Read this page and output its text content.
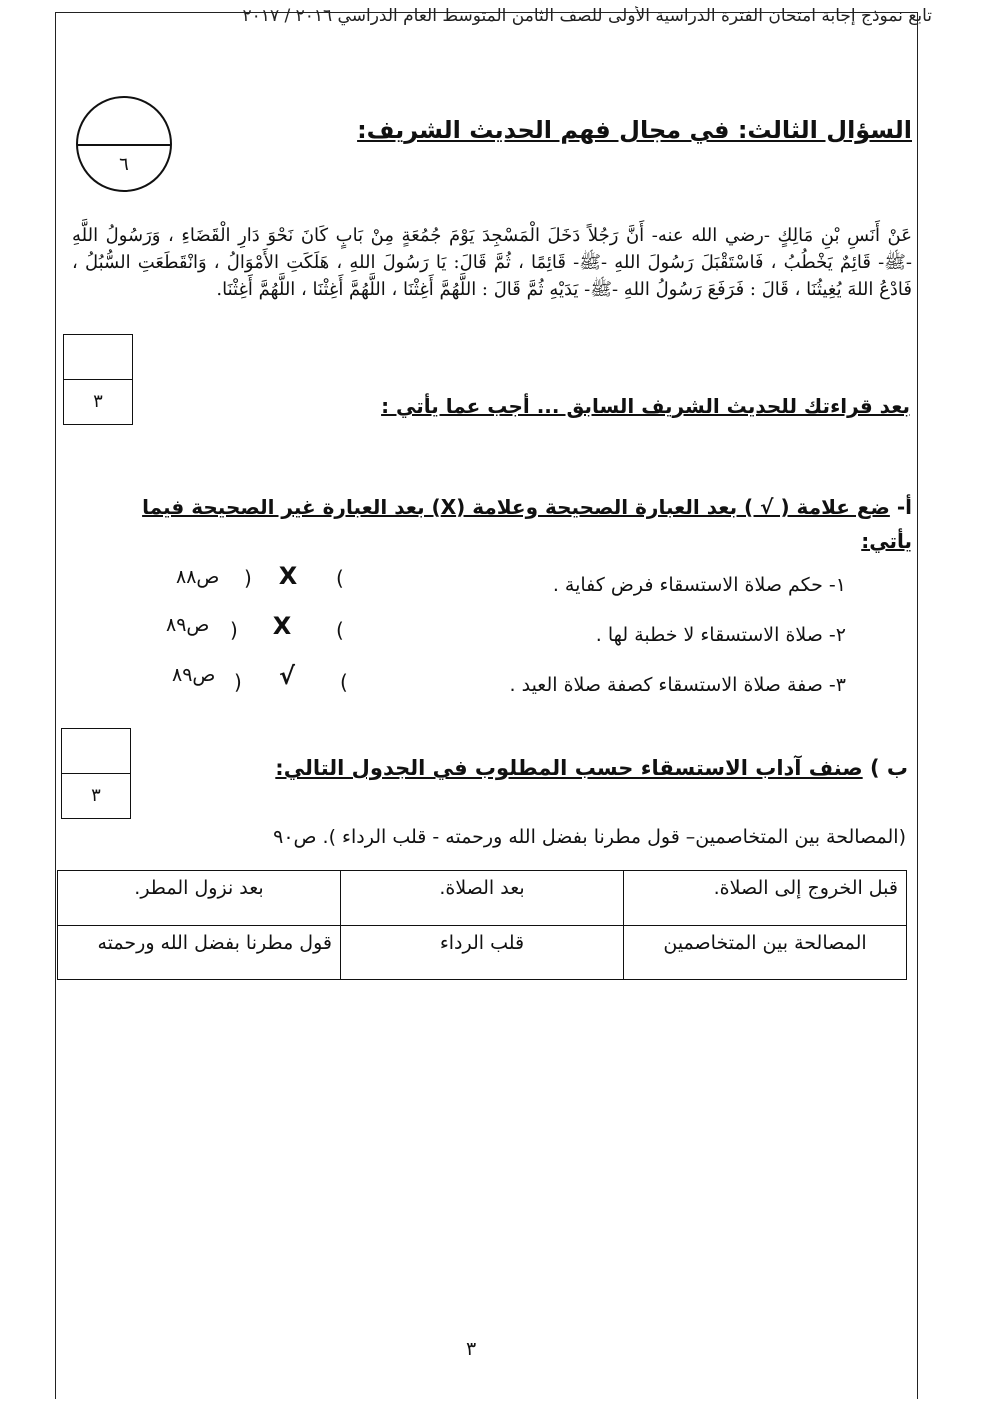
تابع نموذج إجابة امتحان الفترة الدراسية الأولى للصف الثامن المتوسط العام الدراسي ٢٠١٦ / ٢٠١٧
٦
السؤال الثالث: في مجال فهم الحديث الشريف:
عَنْ أَنَسِ بْنِ مَالِكٍ -رضي الله عنه- أَنَّ رَجُلاً دَخَلَ الْمَسْجِدَ يَوْمَ جُمُعَةٍ مِنْ بَابٍ كَانَ نَحْوَ دَارِ الْقَضَاءِ ، وَرَسُولُ اللَّهِ -ﷺ- قَائِمٌ يَخْطُبُ ، فَاسْتَقْبَلَ رَسُولَ اللهِ -ﷺ- قَائِمًا ، ثُمَّ قَالَ: يَا رَسُولَ اللهِ ، هَلَكَتِ الأَمْوَالُ ، وَانْقَطَعَتِ السُّبُلُ ، فَادْعُ اللهَ يُغِيثُنَا ، قَالَ : فَرَفَعَ رَسُولُ اللهِ -ﷺ- يَدَيْهِ ثُمَّ قَالَ : اللَّهُمَّ أَغِثْنَا ، اللَّهُمَّ أَغِثْنَا ، اللَّهُمَّ أَغِثْنَا.
٣	بعد قراءتك للحديث الشريف السابق ... أجب عما يأتي :
أ- ضع علامة ( √ ) بعد العبارة الصحيحة وعلامة (X) بعد العبارة غير الصحيحة فيما يأتي:
١- حكم صلاة الاستسقاء فرض كفاية .
(
X
)
ص٨٨
٢- صلاة الاستسقاء لا خطبة لها .
(
X
)
ص٨٩
٣- صفة صلاة الاستسقاء كصفة صلاة العيد .
(
√
)
ص٨٩
٣
ب ) صنف آداب الاستسقاء حسب المطلوب في الجدول التالي:
(المصالحة بين المتخاصمين– قول مطرنا بفضل الله ورحمته - قلب الرداء ). ص٩٠
قبل الخروج إلى الصلاة.	بعد الصلاة.	بعد نزول المطر.
المصالحة بين المتخاصمين	قلب الرداء	قول مطرنا بفضل الله ورحمته
٣
